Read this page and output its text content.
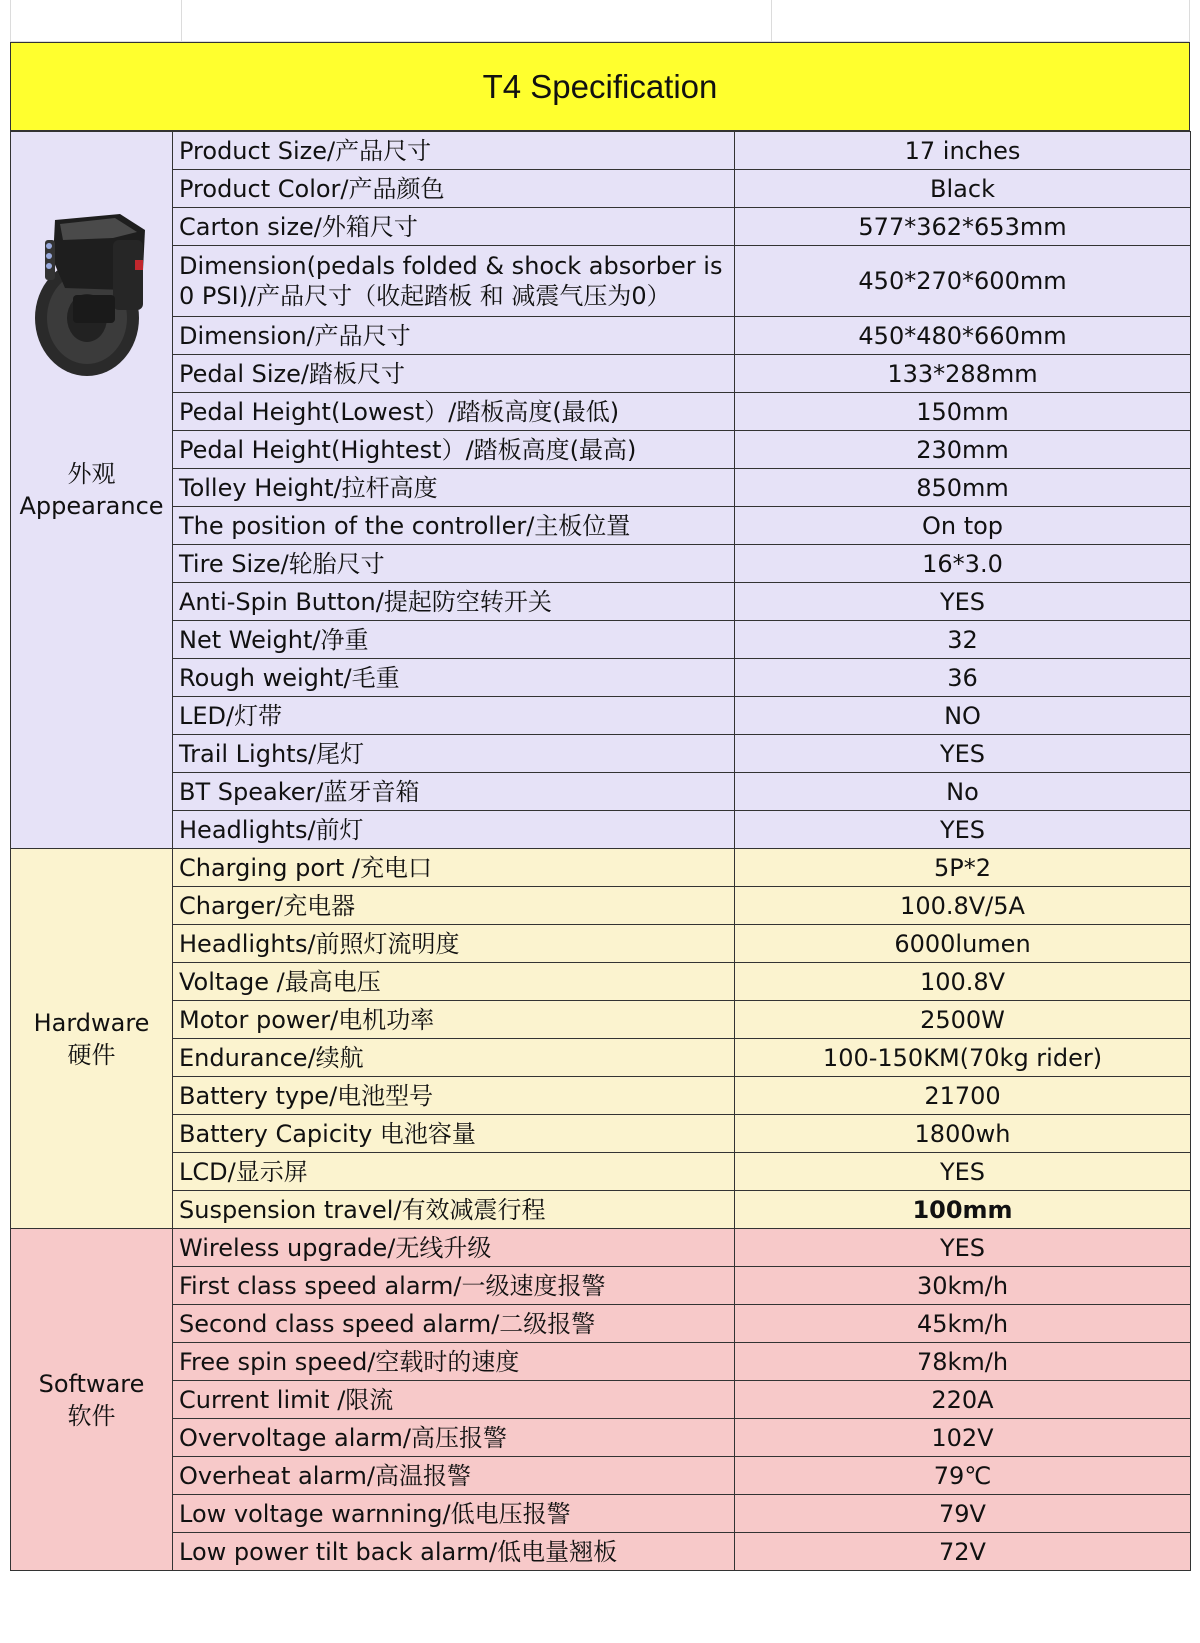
T4 Specification
外观
Appearance	Product Size/产品尺寸	17 inches
	Product Color/产品颜色	Black
	Carton size/外箱尺寸	577*362*653mm
	Dimension(pedals folded & shock absorber is 0 PSI)/产品尺寸（收起踏板 和 减震气压为0）	450*270*600mm
	Dimension/产品尺寸	450*480*660mm
	Pedal Size/踏板尺寸	133*288mm
	Pedal Height(Lowest）/踏板高度(最低)	150mm
	Pedal Height(Hightest）/踏板高度(最高)	230mm
	Tolley Height/拉杆高度	850mm
	The position of the controller/主板位置	On top
	Tire Size/轮胎尺寸	16*3.0
	Anti-Spin Button/提起防空转开关	YES
	Net Weight/净重	32
	Rough weight/毛重	36
	LED/灯带	NO
	Trail Lights/尾灯	YES
	BT Speaker/蓝牙音箱	No
	Headlights/前灯	YES

Hardware
硬件	Charging port /充电口	5P*2
	Charger/充电器	100.8V/5A
	Headlights/前照灯流明度	6000lumen
	Voltage /最高电压	100.8V
	Motor power/电机功率	2500W
	Endurance/续航	100-150KM(70kg rider)
	Battery type/电池型号	21700
	Battery Capicity 电池容量	1800wh
	LCD/显示屏	YES
	Suspension travel/有效减震行程	100mm

Software
软件	Wireless upgrade/无线升级	YES
	First class speed alarm/一级速度报警	30km/h
	Second class speed alarm/二级报警	45km/h
	Free spin speed/空载时的速度	78km/h
	Current limit /限流	220A
	Overvoltage alarm/高压报警	102V
	Overheat alarm/高温报警	79℃
	Low voltage warnning/低电压报警	79V
	Low power tilt back alarm/低电量翘板	72V
